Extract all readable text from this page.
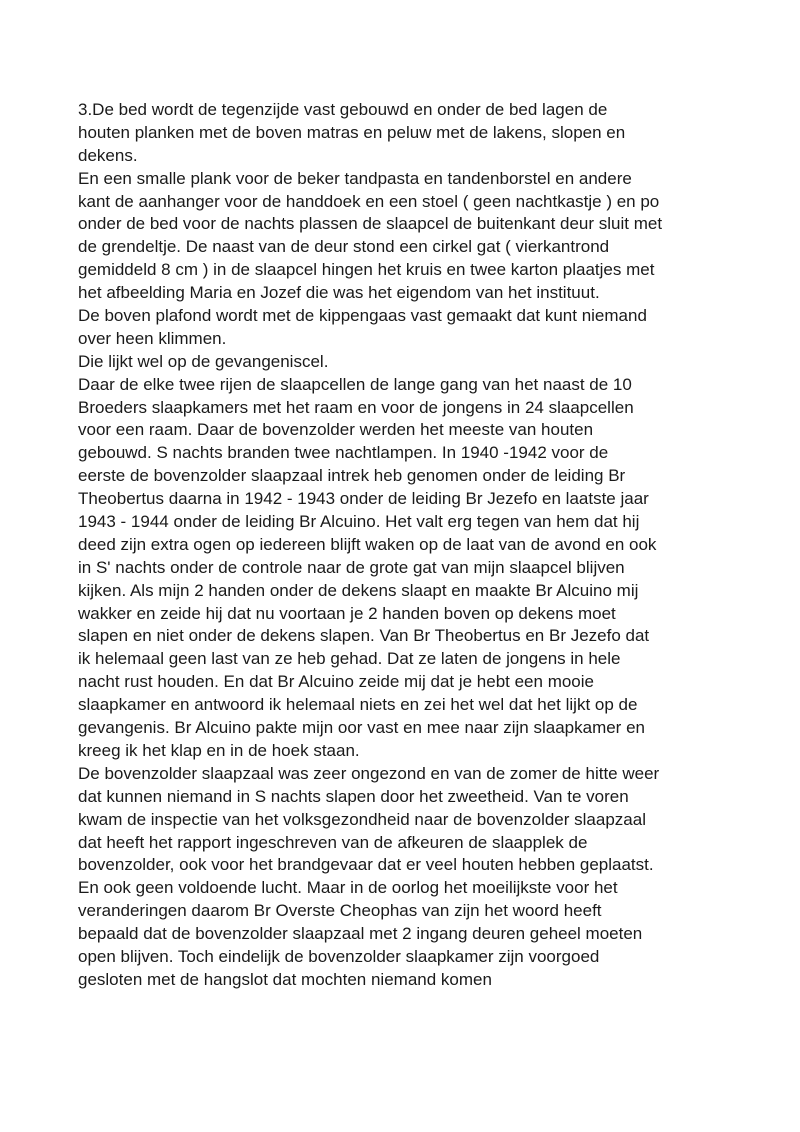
3.De bed wordt de tegenzijde vast gebouwd en onder de bed lagen de
houten planken met de boven matras en peluw met de lakens, slopen en
dekens.
En een smalle plank voor de beker tandpasta en tandenborstel en andere
kant de aanhanger voor de handdoek en een stoel ( geen nachtkastje ) en po
onder de bed voor de nachts plassen de slaapcel de buitenkant deur sluit met
de grendeltje. De naast van de deur stond een cirkel gat ( vierkantrond
gemiddeld 8 cm ) in de slaapcel hingen het kruis en twee karton plaatjes met
het afbeelding Maria en Jozef die was het eigendom van het instituut.
De boven plafond wordt met de kippengaas vast gemaakt dat kunt niemand
over heen klimmen.
Die lijkt wel op de gevangeniscel.
Daar de elke twee rijen de slaapcellen de lange gang van het naast de 10
Broeders slaapkamers met het raam en voor de jongens in 24 slaapcellen
voor een raam. Daar de bovenzolder werden het meeste van houten
gebouwd. S nachts branden twee nachtlampen. In 1940 -1942 voor de
eerste de bovenzolder slaapzaal intrek heb genomen onder de leiding Br
Theobertus daarna in 1942 - 1943 onder de leiding Br Jezefo en laatste jaar
1943 - 1944 onder de leiding Br Alcuino. Het valt erg tegen van hem dat hij
deed zijn extra ogen op iedereen blijft waken op de laat van de avond en ook
in S' nachts onder de controle naar de grote gat van mijn slaapcel blijven
kijken. Als mijn 2 handen onder de dekens slaapt en maakte Br Alcuino mij
wakker en zeide hij dat nu voortaan je 2 handen boven op dekens moet
slapen en niet onder de dekens slapen. Van Br Theobertus en Br Jezefo dat
ik helemaal geen last van ze heb gehad. Dat ze laten de jongens in hele
nacht rust houden. En dat Br Alcuino zeide mij dat je hebt een mooie
slaapkamer en antwoord ik helemaal niets en zei het wel dat het lijkt op de
gevangenis. Br Alcuino pakte mijn oor vast en mee naar zijn slaapkamer en
kreeg ik het klap en in de hoek staan.
De bovenzolder slaapzaal was zeer ongezond en van de zomer de hitte weer
dat kunnen niemand in S nachts slapen door het zweetheid. Van te voren
kwam de inspectie van het volksgezondheid naar de bovenzolder slaapzaal
dat heeft het rapport ingeschreven van de afkeuren de slaapplek de
bovenzolder, ook voor het brandgevaar dat er veel houten hebben geplaatst.
En ook geen voldoende lucht. Maar in de oorlog het moeilijkste voor het
veranderingen daarom Br Overste Cheophas van zijn het woord heeft
bepaald dat de bovenzolder slaapzaal met 2 ingang deuren geheel moeten
open blijven. Toch eindelijk de bovenzolder slaapkamer zijn voorgoed
gesloten met de hangslot dat mochten niemand komen
